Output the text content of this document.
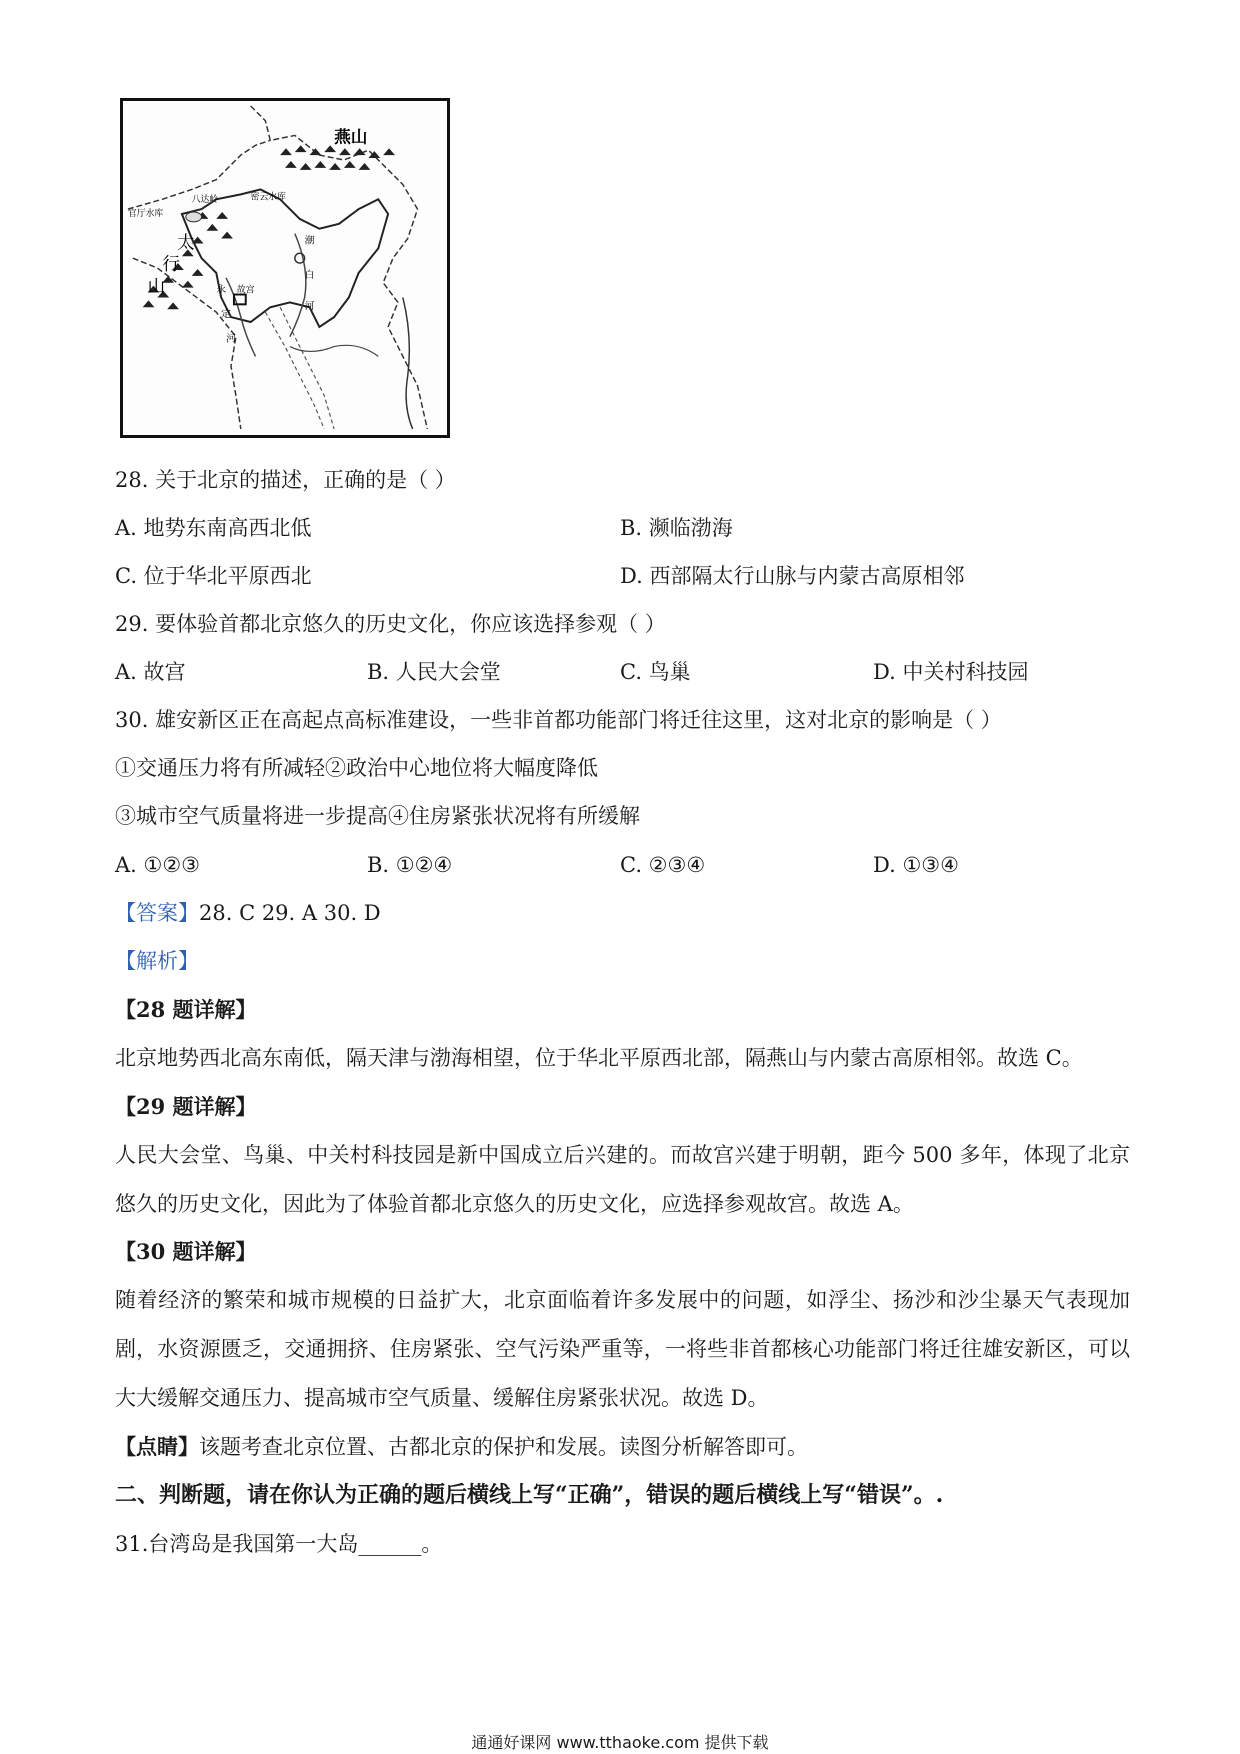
燕山
官厅水库
八达岭	密云水库
太
行
山	故宫
潮
白
河
永
定
河
28. 关于北京的描述，正确的是（ ）
A. 地势东南高西北低	B. 濒临渤海
C. 位于华北平原西北	D. 西部隔太行山脉与内蒙古高原相邻
29. 要体验首都北京悠久的历史文化，你应该选择参观（ ）
A. 故宫	B. 人民大会堂	C. 鸟巢	D. 中关村科技园
30. 雄安新区正在高起点高标准建设，一些非首都功能部门将迁往这里，这对北京的影响是（ ）
①交通压力将有所减轻②政治中心地位将大幅度降低
③城市空气质量将进一步提高④住房紧张状况将有所缓解
A. ①②③	B. ①②④	C. ②③④	D. ①③④
【答案】28. C 29. A 30. D
【解析】
【28 题详解】
北京地势西北高东南低，隔天津与渤海相望，位于华北平原西北部，隔燕山与内蒙古高原相邻。故选 C。
【29 题详解】
人民大会堂、鸟巢、中关村科技园是新中国成立后兴建的。而故宫兴建于明朝，距今 500 多年，体现了北京悠久的历史文化，因此为了体验首都北京悠久的历史文化，应选择参观故宫。故选 A。
【30 题详解】
随着经济的繁荣和城市规模的日益扩大，北京面临着许多发展中的问题，如浮尘、扬沙和沙尘暴天气表现加剧，水资源匮乏，交通拥挤、住房紧张、空气污染严重等，一将些非首都核心功能部门将迁往雄安新区，可以大大缓解交通压力、提高城市空气质量、缓解住房紧张状况。故选 D。
【点睛】该题考查北京位置、古都北京的保护和发展。读图分析解答即可。
二、判断题，请在你认为正确的题后横线上写“正确”，错误的题后横线上写“错误”。.
31.台湾岛是我国第一大岛______。
通通好课网 www.tthaoke.com 提供下载
